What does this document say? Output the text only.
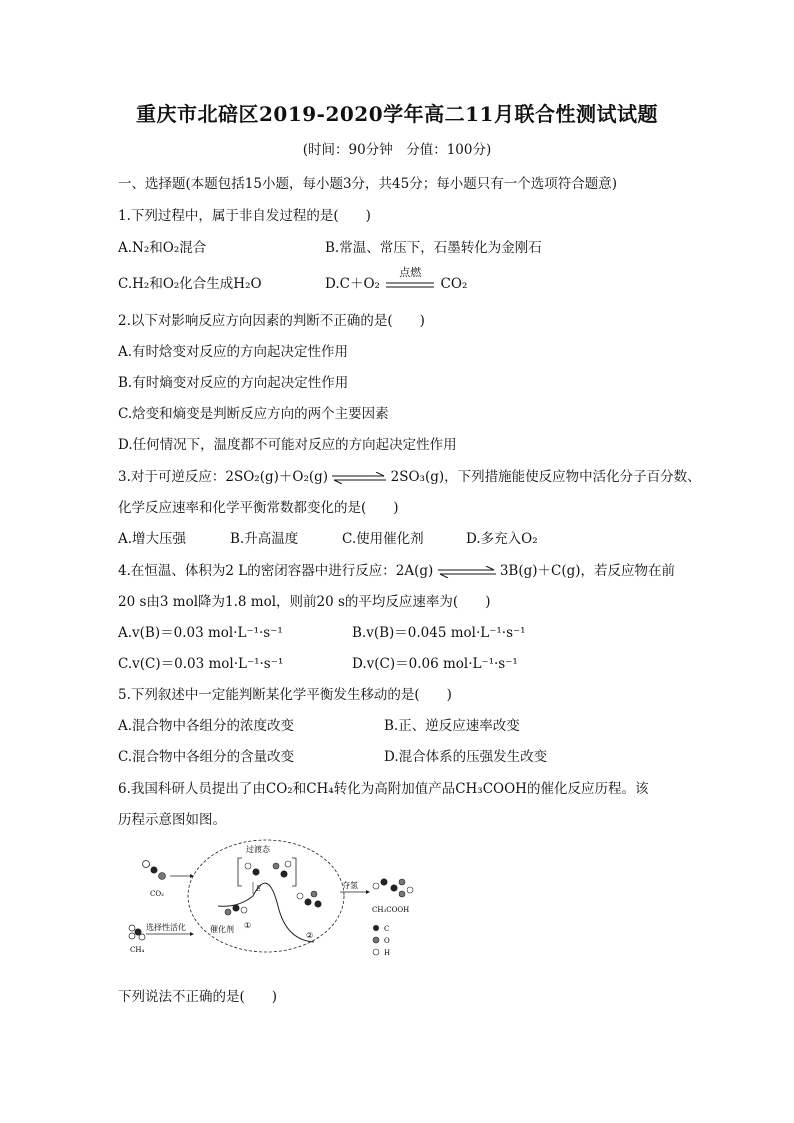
重庆市北碚区2019-2020学年高二11月联合性测试试题
(时间：90分钟　分值：100分)
一、选择题(本题包括15小题，每小题3分，共45分；每小题只有一个选项符合题意)
1.下列过程中，属于非自发过程的是(　　)
A.N₂和O₂混合	B.常温、常压下，石墨转化为金刚石
C.H₂和O₂化合生成H₂O	D.C＋O₂
点燃
CO₂
2.以下对影响反应方向因素的判断不正确的是(　　)
A.有时焓变对反应的方向起决定性作用
B.有时熵变对反应的方向起决定性作用
C.焓变和熵变是判断反应方向的两个主要因素
D.任何情况下，温度都不可能对反应的方向起决定性作用
3.对于可逆反应：2SO₂(g)＋O₂(g) ⇌ 2SO₃(g)，下列措施能使反应物中活化分子百分数、
化学反应速率和化学平衡常数都变化的是(　　)
A.增大压强	B.升高温度	C.使用催化剂	D.多充入O₂
4.在恒温、体积为2 L的密闭容器中进行反应：2A(g)	3B(g)＋C(g)，若反应物在前
20 s由3 mol降为1.8 mol，则前20 s的平均反应速率为(　　)
A.v(B)＝0.03 mol·L⁻¹·s⁻¹	B.v(B)＝0.045 mol·L⁻¹·s⁻¹
C.v(C)＝0.03 mol·L⁻¹·s⁻¹	D.v(C)＝0.06 mol·L⁻¹·s⁻¹
5.下列叙述中一定能判断某化学平衡发生移动的是(　　)
A.混合物中各组分的浓度改变	B.正、逆反应速率改变
C.混合物中各组分的含量改变	D.混合体系的压强发生改变
6.我国科研人员提出了由CO₂和CH₄转化为高附加值产品CH₃COOH的催化反应历程。该
历程示意图如图。
CO₂
CH₄
选择性活化
过渡态
E
催化剂 ①
②
夺氢
CH₃COOH
C
O
H
下列说法不正确的是(　　)
